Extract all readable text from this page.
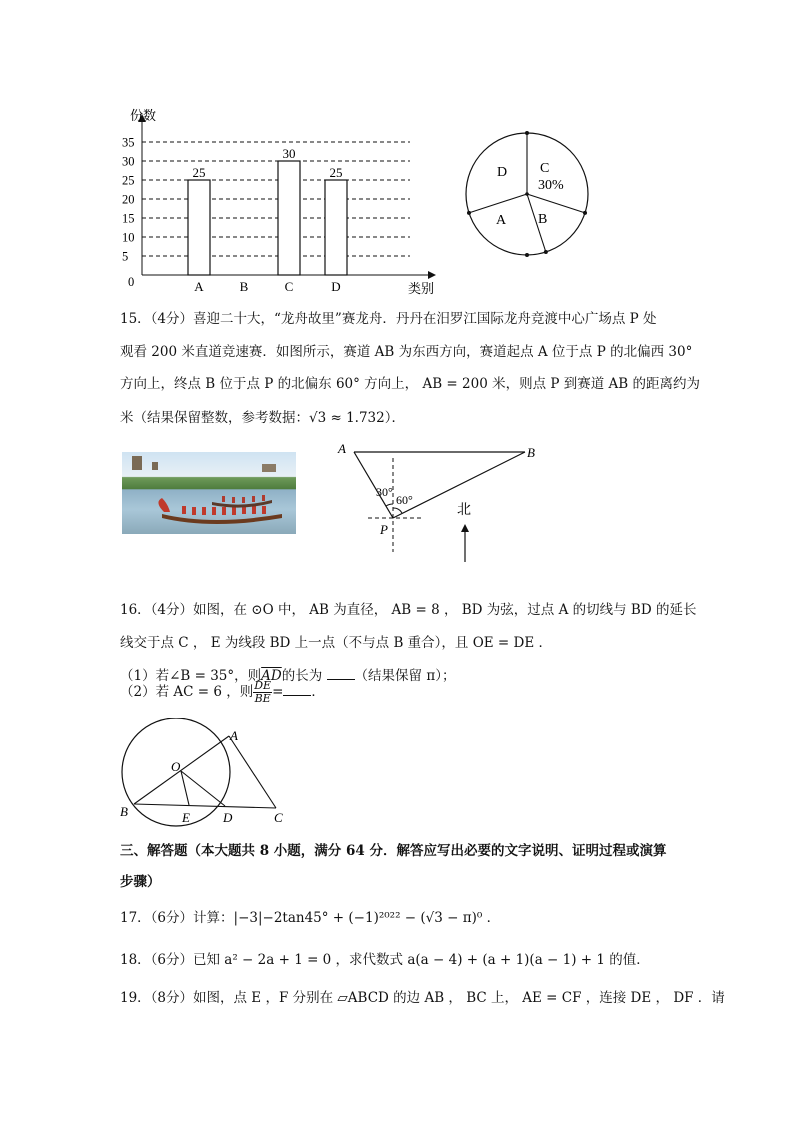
0
5
10
15
20
25
30
35
25
30
25
A	B	C	D
份数
类别
C
30%
B
A
D
15．（4分）喜迎二十大，“龙舟故里”赛龙舟．丹丹在汨罗江国际龙舟竞渡中心广场点 P 处
观看 200 米直道竞速赛．如图所示，赛道 AB 为东西方向，赛道起点 A 位于点 P 的北偏西 30°
方向上，终点 B 位于点 P 的北偏东 60° 方向上， AB = 200 米，则点 P 到赛道 AB 的距离约为
米（结果保留整数，参考数据：√3 ≈ 1.732）．
A	B
P
30°
60°
北
16．（4分）如图，在 ⊙O 中， AB 为直径， AB = 8 ， BD 为弦，过点 A 的切线与 BD 的延长
线交于点 C ， E 为线段 BD 上一点（不与点 B 重合），且 OE = DE ．
（1）若∠B = 35°，则$\overline{AD}$的长为 （结果保留 π）；
（2）若 AC = 6 ，则 $\frac{DE}{BE}$ = ．
A
O
B	E	D	C
三、解答题（本大题共 8 小题，满分 64 分．解答应写出必要的文字说明、证明过程或演算
步骤）
17．（6分）计算：|−3|−2tan45° + (−1)²⁰²² − (√3 − π)⁰ ．
18．（6分）已知 a² − 2a + 1 = 0 ，求代数式 a(a − 4) + (a + 1)(a − 1) + 1 的值．
19．（8分）如图，点 E ，F 分别在 ▱ABCD 的边 AB ， BC 上， AE = CF ，连接 DE ， DF ．请
